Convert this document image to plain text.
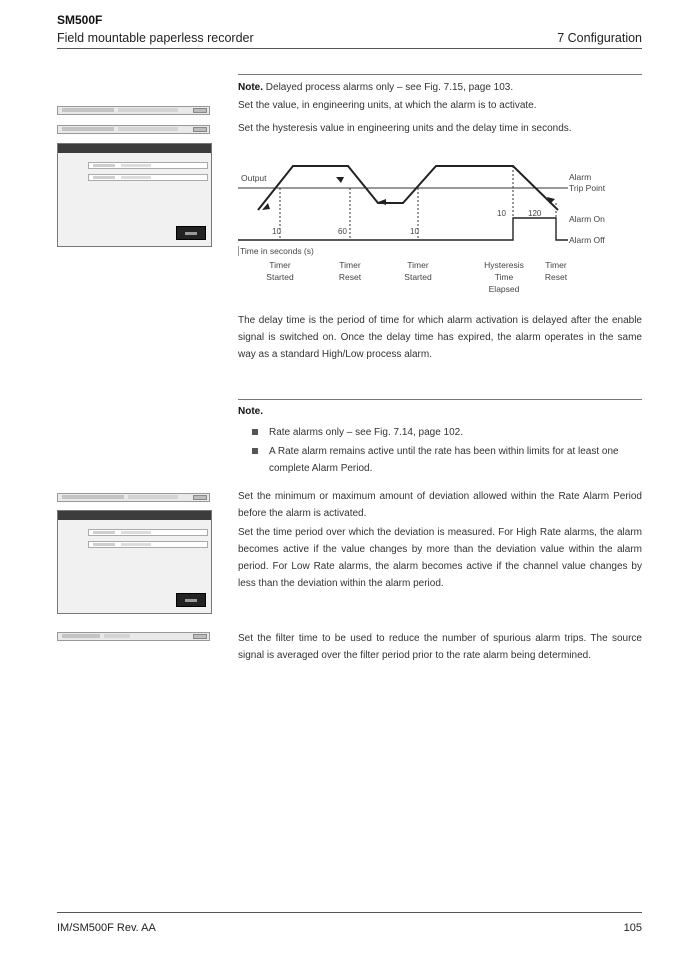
SM500F
Field mountable paperless recorder	7 Configuration

Note. Delayed process alarms only – see Fig. 7.15, page 103.

Set the value, in engineering units, at which the alarm is to activate.

Set the hysteresis value in engineering units and the delay time in seconds.

10	60	10
10	120
Output	Alarm
Trip Point
Alarm On
Alarm Off
Time in seconds (s)
Timer
Started
Timer
Reset
Timer
Started
Hysteresis
Time
Elapsed
Timer
Reset

The delay time is the period of time for which alarm activation is delayed after the enable signal is switched on. Once the delay time has expired, the alarm operates in the same way as a standard High/Low process alarm.

Note.

Rate alarms only – see Fig. 7.14, page 102.
A Rate alarm remains active until the rate has been within limits for at least one complete Alarm Period.

Set the minimum or maximum amount of deviation allowed within the Rate Alarm Period before the alarm is activated.

Set the time period over which the deviation is measured. For High Rate alarms, the alarm becomes active if the value changes by more than the deviation value within the alarm period. For Low Rate alarms, the alarm becomes active if the channel value changes by less than the deviation within the alarm period.

Set the filter time to be used to reduce the number of spurious alarm trips. The source signal is averaged over the filter period prior to the rate alarm being determined.

IM/SM500F Rev. AA	105
